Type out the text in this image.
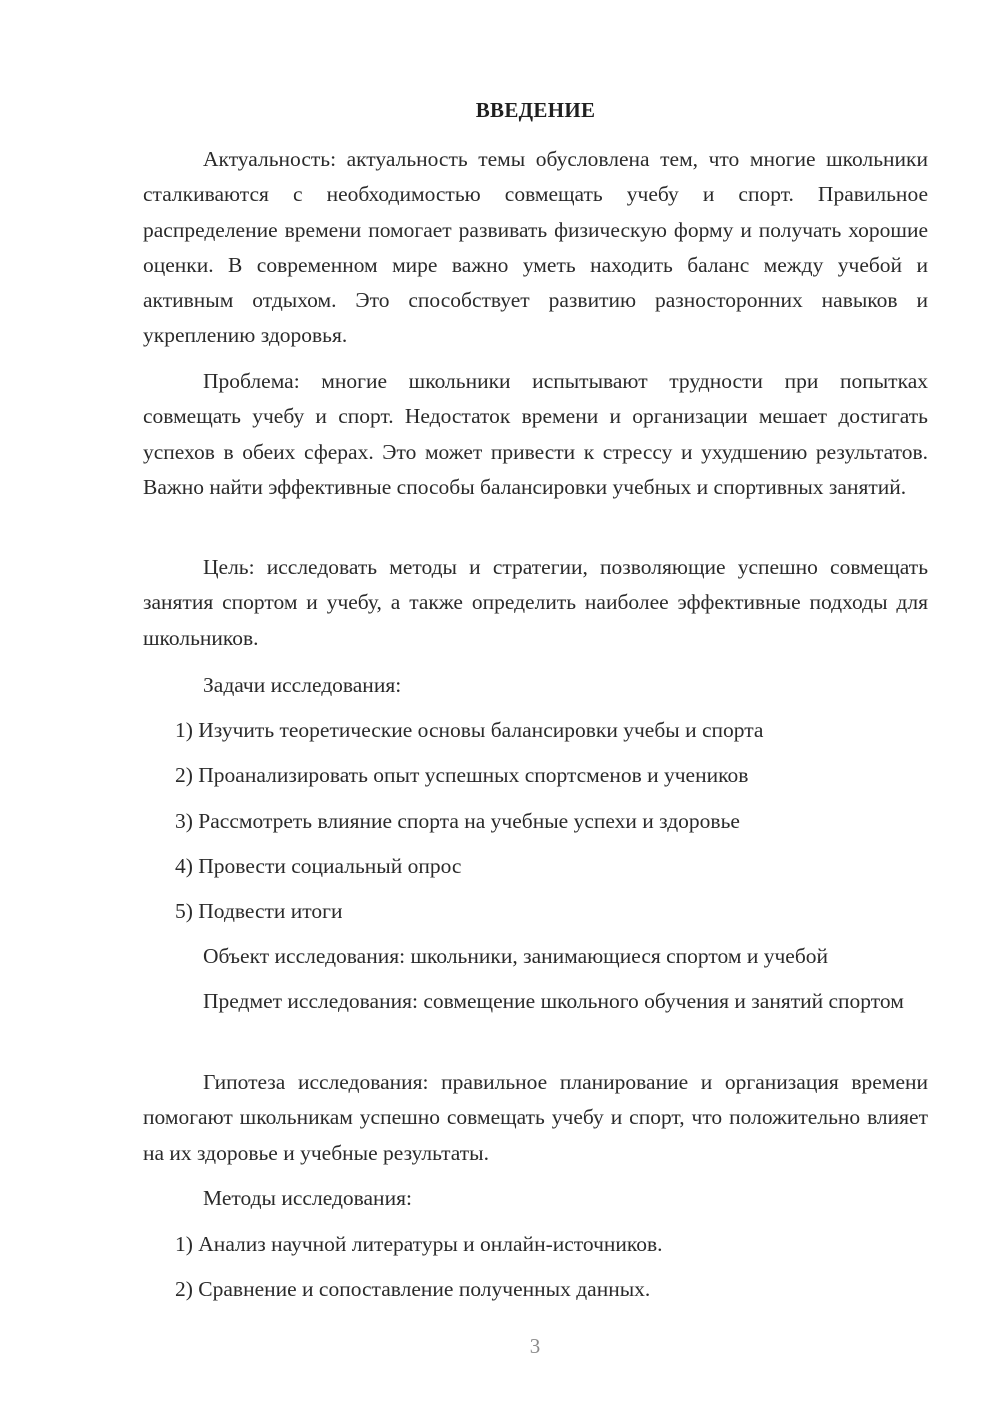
ВВЕДЕНИЕ

Актуальность: актуальность темы обусловлена тем, что многие школьники сталкиваются с необходимостью совмещать учебу и спорт. Правильное распределение времени помогает развивать физическую форму и получать хорошие оценки. В современном мире важно уметь находить баланс между учебой и активным отдыхом. Это способствует развитию разносторонних навыков и укреплению здоровья.

Проблема: многие школьники испытывают трудности при попытках совмещать учебу и спорт. Недостаток времени и организации мешает достигать успехов в обеих сферах. Это может привести к стрессу и ухудшению результатов. Важно найти эффективные способы балансировки учебных и спортивных занятий.

Цель: исследовать методы и стратегии, позволяющие успешно совмещать занятия спортом и учебу, а также определить наиболее эффективные подходы для школьников.

Задачи исследования:
1) Изучить теоретические основы балансировки учебы и спорта
2) Проанализировать опыт успешных спортсменов и учеников
3) Рассмотреть влияние спорта на учебные успехи и здоровье
4) Провести социальный опрос
5) Подвести итоги
Объект исследования: школьники, занимающиеся спортом и учебой

Предмет исследования: совмещение школьного обучения и занятий спортом

Гипотеза исследования: правильное планирование и организация времени помогают школьникам успешно совмещать учебу и спорт, что положительно влияет на их здоровье и учебные результаты.

Методы исследования:
1) Анализ научной литературы и онлайн-источников.
2) Сравнение и сопоставление полученных данных.
3
